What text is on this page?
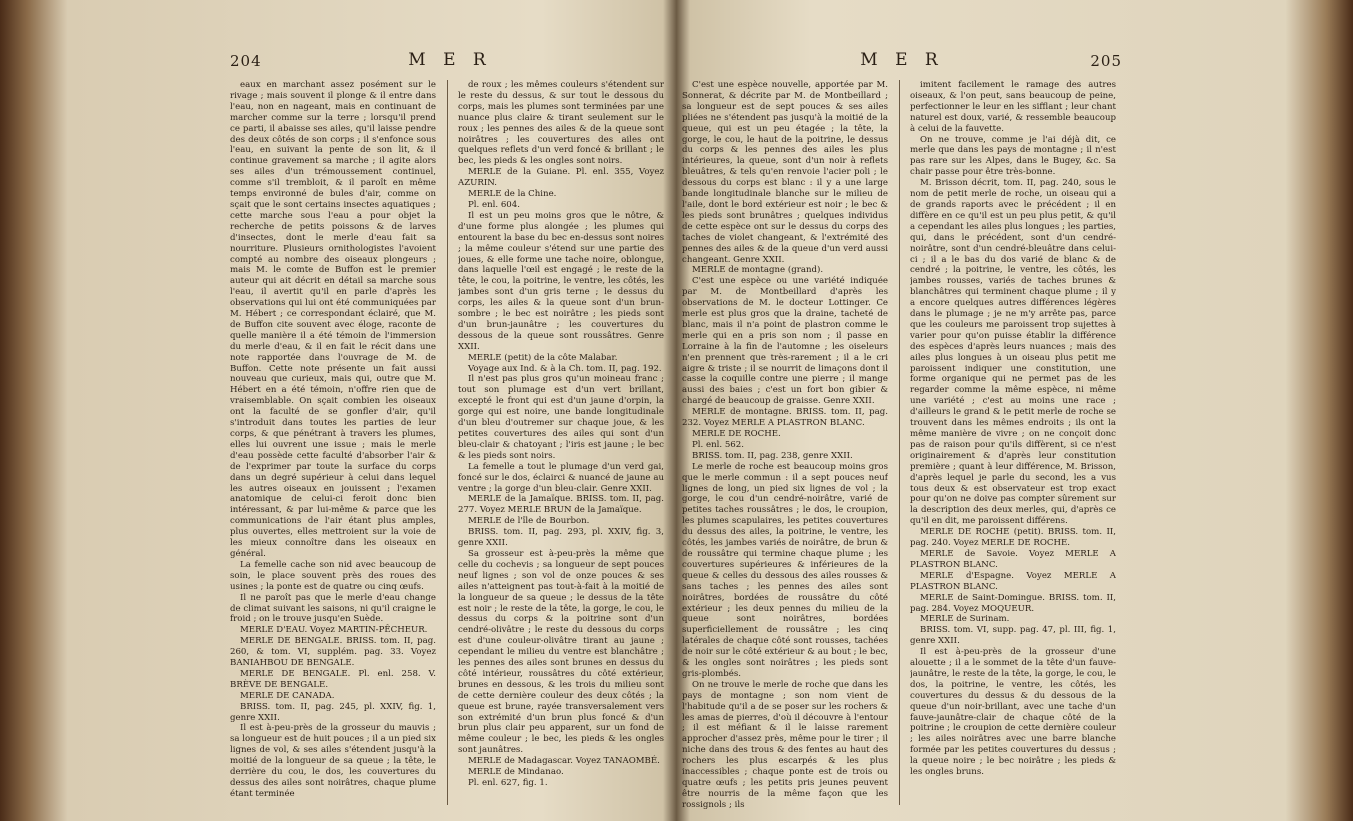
204	M E R

eaux en marchant assez posément sur le rivage ; mais souvent il plonge & il entre dans l'eau, non en nageant, mais en continuant de marcher comme sur la terre ; lorsqu'il prend ce parti, il abaisse ses ailes, qu'il laisse pendre des deux côtés de son corps ; il s'enfonce sous l'eau, en suivant la pente de son lit, & il continue gravement sa marche ; il agite alors ses ailes d'un trémoussement continuel, comme s'il trembloit, & il paroît en même temps environné de bules d'air, comme on sçait que le sont certains insectes aquatiques ; cette marche sous l'eau a pour objet la recherche de petits poissons & de larves d'insectes, dont le merle d'eau fait sa nourriture. Plusieurs ornithologistes l'avoient compté au nombre des oiseaux plongeurs ; mais M. le comte de Buffon est le premier auteur qui ait décrit en détail sa marche sous l'eau, il avertit qu'il en parle d'après les observations qui lui ont été communiquées par M. Hébert ; ce correspondant éclairé, que M. de Buffon cite souvent avec éloge, raconte de quelle manière il a été témoin de l'immersion du merle d'eau, & il en fait le récit dans une note rapportée dans l'ouvrage de M. de Buffon. Cette note présente un fait aussi nouveau que curieux, mais qui, outre que M. Hébert en a été témoin, n'offre rien que de vraisemblable. On sçait combien les oiseaux ont la faculté de se gonfler d'air, qu'il s'introduit dans toutes les parties de leur corps, & que pénétrant à travers les plumes, elles lui ouvrent une issue ; mais le merle d'eau possède cette faculté d'absorber l'air & de l'exprimer par toute la surface du corps dans un degré supérieur à celui dans lequel les autres oiseaux en jouissent ; l'examen anatomique de celui-ci feroit donc bien intéressant, & par lui-même & parce que les communications de l'air étant plus amples, plus ouvertes, elles mettroient sur la voie de les mieux connoître dans les oiseaux en général.

La femelle cache son nid avec beaucoup de soin, le place souvent près des roues des usines ; la ponte est de quatre ou cinq œufs.

Il ne paroît pas que le merle d'eau change de climat suivant les saisons, ni qu'il craigne le froid ; on le trouve jusqu'en Suède.

MERLE D'EAU. Voyez MARTIN-PÊCHEUR.

MERLE DE BENGALE. BRISS. tom. II, pag. 260, & tom. VI, supplém. pag. 33. Voyez BANIAHBOU DE BENGALE.

MERLE DE BENGALE. Pl. enl. 258. V. BRÈVE DE BENGALE.

MERLE DE CANADA.

BRISS. tom. II, pag. 245, pl. XXIV, fig. 1, genre XXII.

Il est à-peu-près de la grosseur du mauvis ; sa longueur est de huit pouces ; il a un pied six lignes de vol, & ses ailes s'étendent jusqu'à la moitié de la longueur de sa queue ; la tête, le derrière du cou, le dos, les couvertures du dessus des ailes sont noirâtres, chaque plume étant terminée

de roux ; les mêmes couleurs s'étendent sur le reste du dessus, & sur tout le dessous du corps, mais les plumes sont terminées par une nuance plus claire & tirant seulement sur le roux ; les pennes des ailes & de la queue sont noirâtres ; les couvertures des ailes ont quelques reflets d'un verd foncé & brillant ; le bec, les pieds & les ongles sont noirs.

MERLE de la Guiane. Pl. enl. 355, Voyez AZURIN.

MERLE de la Chine.

Pl. enl. 604.

Il est un peu moins gros que le nôtre, & d'une forme plus alongée ; les plumes qui entourent la base du bec en-dessus sont noires ; la même couleur s'étend sur une partie des joues, & elle forme une tache noire, oblongue, dans laquelle l'œil est engagé ; le reste de la tête, le cou, la poitrine, le ventre, les côtés, les jambes sont d'un gris terne ; le dessus du corps, les ailes & la queue sont d'un brun-sombre ; le bec est noirâtre ; les pieds sont d'un brun-jaunâtre ; les couvertures du dessous de la queue sont roussâtres. Genre XXII.

MERLE (petit) de la côte Malabar.

Voyage aux Ind. & à la Ch. tom. II, pag. 192.

Il n'est pas plus gros qu'un moineau franc ; tout son plumage est d'un vert brillant, excepté le front qui est d'un jaune d'orpin, la gorge qui est noire, une bande longitudinale d'un bleu d'outremer sur chaque joue, & les petites couvertures des ailes qui sont d'un bleu-clair & chatoyant ; l'iris est jaune ; le bec & les pieds sont noirs.

La femelle a tout le plumage d'un verd gai, foncé sur le dos, éclairci & nuancé de jaune au ventre ; la gorge d'un bleu-clair. Genre XXII.

MERLE de la Jamaïque. BRISS. tom. II, pag. 277. Voyez MERLE BRUN de la Jamaïque.

MERLE de l'île de Bourbon.

BRISS. tom. II, pag. 293, pl. XXIV, fig. 3, genre XXII.

Sa grosseur est à-peu-près la même que celle du cochevis ; sa longueur de sept pouces neuf lignes ; son vol de onze pouces & ses ailes n'atteignent pas tout-à-fait à la moitié de la longueur de sa queue ; le dessus de la tête est noir ; le reste de la tête, la gorge, le cou, le dessus du corps & la poitrine sont d'un cendré-olivâtre ; le reste du dessous du corps est d'une couleur-olivâtre tirant au jaune ; cependant le milieu du ventre est blanchâtre ; les pennes des ailes sont brunes en dessus du côté intérieur, roussâtres du côté extérieur, brunes en dessous, & les trois du milieu sont de cette dernière couleur des deux côtés ; la queue est brune, rayée transversalement vers son extrémité d'un brun plus foncé & d'un brun plus clair peu apparent, sur un fond de même couleur ; le bec, les pieds & les ongles sont jaunâtres.

MERLE de Madagascar. Voyez TANAOMBÉ.

MERLE de Mindanao.

Pl. enl. 627, fig. 1.

M E R	205

C'est une espèce nouvelle, apportée par M. Sonnerat, & décrite par M. de Montbeillard ; sa longueur est de sept pouces & ses ailes pliées ne s'étendent pas jusqu'à la moitié de la queue, qui est un peu étagée ; la tête, la gorge, le cou, le haut de la poitrine, le dessus du corps & les pennes des ailes les plus intérieures, la queue, sont d'un noir à reflets bleuâtres, & tels qu'en renvoie l'acier poli ; le dessous du corps est blanc : il y a une large bande longitudinale blanche sur le milieu de l'aile, dont le bord extérieur est noir ; le bec & les pieds sont brunâtres ; quelques individus de cette espèce ont sur le dessus du corps des taches de violet changeant, & l'extrémité des pennes des ailes & de la queue d'un verd aussi changeant. Genre XXII.

MERLE de montagne (grand).

C'est une espèce ou une variété indiquée par M. de Montbeillard d'après les observations de M. le docteur Lottinger. Ce merle est plus gros que la draine, tacheté de blanc, mais il n'a point de plastron comme le merle qui en a pris son nom ; il passe en Lorraine à la fin de l'automne ; les oiseleurs n'en prennent que très-rarement ; il a le cri aigre & triste ; il se nourrit de limaçons dont il casse la coquille contre une pierre ; il mange aussi des baies ; c'est un fort bon gibier & chargé de beaucoup de graisse. Genre XXII.

MERLE de montagne. BRISS. tom. II, pag. 232. Voyez MERLE A PLASTRON BLANC.

MERLE DE ROCHE.

Pl. enl. 562.

BRISS. tom. II, pag. 238, genre XXII.

Le merle de roche est beaucoup moins gros que le merle commun : il a sept pouces neuf lignes de long, un pied six lignes de vol ; la gorge, le cou d'un cendré-noirâtre, varié de petites taches roussâtres ; le dos, le croupion, les plumes scapulaires, les petites couvertures du dessus des ailes, la poitrine, le ventre, les côtés, les jambes variés de noirâtre, de brun & de roussâtre qui termine chaque plume ; les couvertures supérieures & inférieures de la queue & celles du dessous des ailes rousses & sans taches ; les pennes des ailes sont noirâtres, bordées de roussâtre du côté extérieur ; les deux pennes du milieu de la queue sont noirâtres, bordées superficiellement de roussâtre ; les cinq latérales de chaque côté sont rousses, tachées de noir sur le côté extérieur & au bout ; le bec, & les ongles sont noirâtres ; les pieds sont gris-plombés.

On ne trouve le merle de roche que dans les pays de montagne ; son nom vient de l'habitude qu'il a de se poser sur les rochers & les amas de pierres, d'où il découvre à l'entour ; il est méfiant & il le laisse rarement approcher d'assez près, même pour le tirer ; il niche dans des trous & des fentes au haut des rochers les plus escarpés & les plus inaccessibles ; chaque ponte est de trois ou quatre œufs ; les petits pris jeunes peuvent être nourris de la même façon que les rossignols ; ils

imitent facilement le ramage des autres oiseaux, & l'on peut, sans beaucoup de peine, perfectionner le leur en les sifflant ; leur chant naturel est doux, varié, & ressemble beaucoup à celui de la fauvette.

On ne trouve, comme je l'ai déjà dit, ce merle que dans les pays de montagne ; il n'est pas rare sur les Alpes, dans le Bugey, &c. Sa chair passe pour être très-bonne.

M. Brisson décrit, tom. II, pag. 240, sous le nom de petit merle de roche, un oiseau qui a de grands raports avec le précédent ; il en diffère en ce qu'il est un peu plus petit, & qu'il a cependant les ailes plus longues ; les parties, qui, dans le précédent, sont d'un cendré-noirâtre, sont d'un cendré-bleuâtre dans celui-ci ; il a le bas du dos varié de blanc & de cendré ; la poitrine, le ventre, les côtés, les jambes rousses, variés de taches brunes & blanchâtres qui terminent chaque plume ; il y a encore quelques autres différences légères dans le plumage ; je ne m'y arrête pas, parce que les couleurs me paroissent trop sujettes à varier pour qu'on puisse établir la différence des espèces d'après leurs nuances ; mais des ailes plus longues à un oiseau plus petit me paroissent indiquer une constitution, une forme organique qui ne permet pas de les regarder comme la même espèce, ni même une variété ; c'est au moins une race ; d'ailleurs le grand & le petit merle de roche se trouvent dans les mêmes endroits ; ils ont la même manière de vivre ; on ne conçoit donc pas de raison pour qu'ils diffèrent, si ce n'est originairement & d'après leur constitution première ; quant à leur différence, M. Brisson, d'après lequel je parle du second, les a vus tous deux & est observateur est trop exact pour qu'on ne doive pas compter sûrement sur la description des deux merles, qui, d'après ce qu'il en dit, me paroissent différens.

MERLE DE ROCHE (petit). BRISS. tom. II, pag. 240. Voyez MERLE DE ROCHE.

MERLE de Savoie. Voyez MERLE A PLASTRON BLANC.

MERLE d'Espagne. Voyez MERLE A PLASTRON BLANC.

MERLE de Saint-Domingue. BRISS. tom. II, pag. 284. Voyez MOQUEUR.

MERLE de Surinam.

BRISS. tom. VI, supp. pag. 47, pl. III, fig. 1, genre XXII.

Il est à-peu-près de la grosseur d'une alouette ; il a le sommet de la tête d'un fauve-jaunâtre, le reste de la tête, la gorge, le cou, le dos, la poitrine, le ventre, les côtés, les couvertures du dessus & du dessous de la queue d'un noir-brillant, avec une tache d'un fauve-jaunâtre-clair de chaque côté de la poitrine ; le croupion de cette dernière couleur ; les ailes noirâtres avec une barre blanche formée par les petites couvertures du dessus ; la queue noire ; le bec noirâtre ; les pieds & les ongles bruns.
